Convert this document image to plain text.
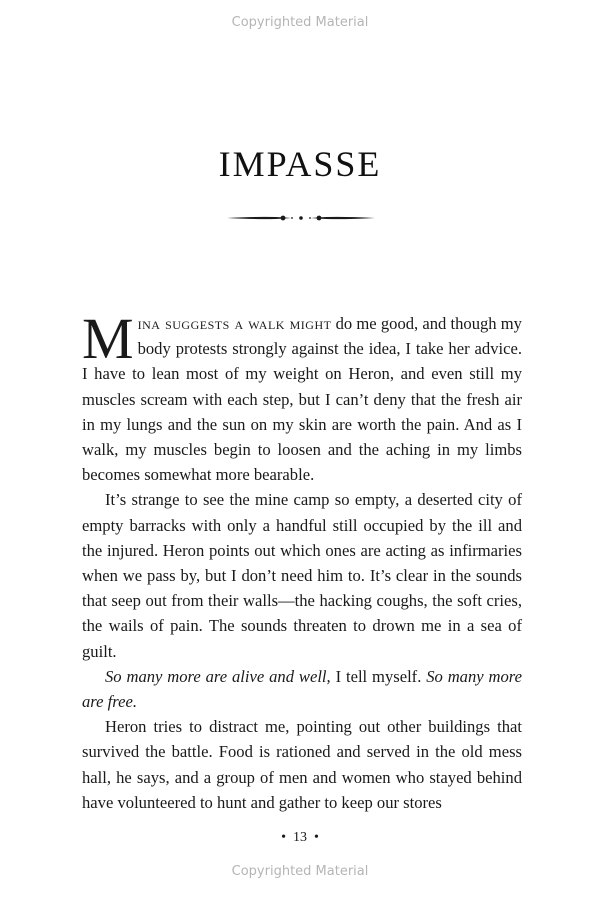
Copyrighted Material
IMPASSE

Mina suggests a walk might do me good, and though my body protests strongly against the idea, I take her advice. I have to lean most of my weight on Heron, and even still my muscles scream with each step, but I can’t deny that the fresh air in my lungs and the sun on my skin are worth the pain. And as I walk, my muscles begin to loosen and the aching in my limbs becomes somewhat more bearable.

It’s strange to see the mine camp so empty, a deserted city of empty barracks with only a handful still occupied by the ill and the injured. Heron points out which ones are acting as infirmaries when we pass by, but I don’t need him to. It’s clear in the sounds that seep out from their walls—the hacking coughs, the soft cries, the wails of pain. The sounds threaten to drown me in a sea of guilt.

So many more are alive and well, I tell myself. So many more are free.

Heron tries to distract me, pointing out other buildings that survived the battle. Food is rationed and served in the old mess hall, he says, and a group of men and women who stayed behind have volunteered to hunt and gather to keep our stores

• 13 •
Copyrighted Material
